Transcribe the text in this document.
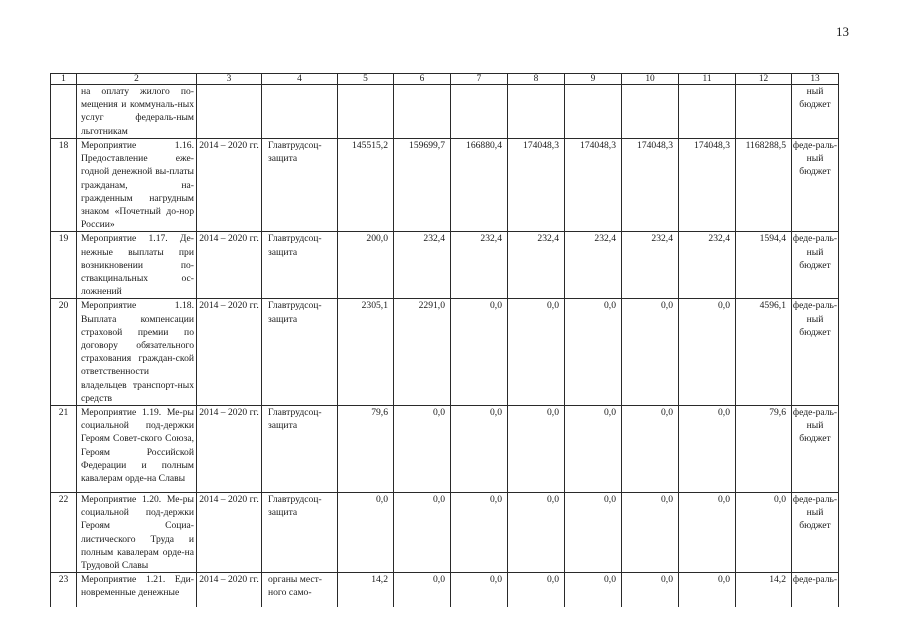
13
1	2	3	4	5	6	7	8	9	10	11	12	13
	на оплату жилого по-мещения и коммуналь-ных услуг федераль-ным льготникам											ный бюджет
18	Мероприятие 1.16. Предоставление еже-годной денежной вы-платы гражданам, на-гражденным нагрудным знаком «Почетный до-нор России»	2014 – 2020 гг.	Главтрудсоц-защита	145515,2	159699,7	166880,4	174048,3	174048,3	174048,3	174048,3	1168288,5	феде-раль-ный бюджет
19	Мероприятие 1.17. Де-нежные выплаты при возникновении по-ствакцинальных ос-ложнений	2014 – 2020 гг.	Главтрудсоц-защита	200,0	232,4	232,4	232,4	232,4	232,4	232,4	1594,4	феде-раль-ный бюджет
20	Мероприятие 1.18. Выплата компенсации страховой премии по договору обязательного страхования граждан-ской ответственности владельцев транспорт-ных средств	2014 – 2020 гг.	Главтрудсоц-защита	2305,1	2291,0	0,0	0,0	0,0	0,0	0,0	4596,1	феде-раль-ный бюджет
21	Мероприятие 1.19. Ме-ры социальной под-держки Героям Совет-ского Союза, Героям Российской Федерации и полным кавалерам орде-на Славы	2014 – 2020 гг.	Главтрудсоц-защита	79,6	0,0	0,0	0,0	0,0	0,0	0,0	79,6	феде-раль-ный бюджет
22	Мероприятие 1.20. Ме-ры социальной под-держки Героям Социа-листического Труда и полным кавалерам орде-на Трудовой Славы	2014 – 2020 гг.	Главтрудсоц-защита	0,0	0,0	0,0	0,0	0,0	0,0	0,0	0,0	феде-раль-ный бюджет
23	Мероприятие 1.21. Еди-новременные денежные	2014 – 2020 гг.	органы мест-ного само-	14,2	0,0	0,0	0,0	0,0	0,0	0,0	14,2	феде-раль-
